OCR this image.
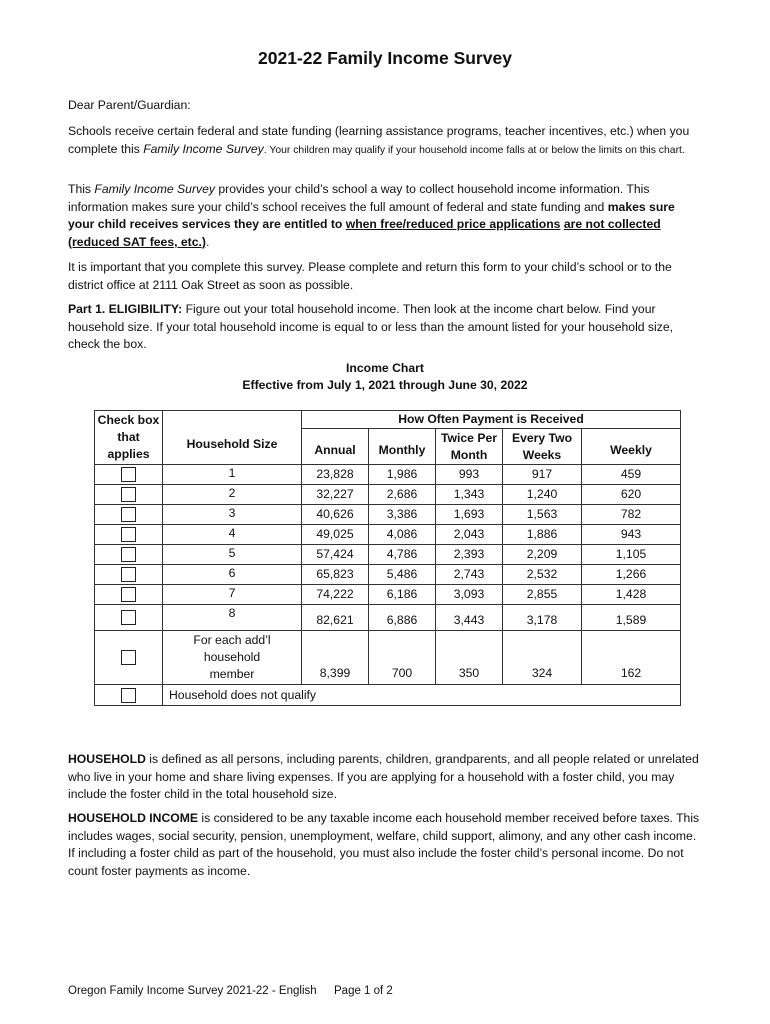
2021-22 Family Income Survey

Dear Parent/Guardian:

Schools receive certain federal and state funding (learning assistance programs, teacher incentives, etc.) when you complete this Family Income Survey. Your children may qualify if your household income falls at or below the limits on this chart.

This Family Income Survey provides your child’s school a way to collect household income information. This information makes sure your child’s school receives the full amount of federal and state funding and makes sure your child receives services they are entitled to when free/reduced price applications are not collected (reduced SAT fees, etc.).

It is important that you complete this survey. Please complete and return this form to your child’s school or to the district office at 2111 Oak Street as soon as possible.

Part 1. ELIGIBILITY: Figure out your total household income. Then look at the income chart below. Find your household size. If your total household income is equal to or less than the amount listed for your household size, check the box.

Income Chart
Effective from July 1, 2021 through June 30, 2022
Check box that applies	Household Size	How Often Payment is Received				
		Annual	Monthly	Twice Per Month	Every Two Weeks	Weekly
	1	23,828	1,986	993	917	459
	2	32,227	2,686	1,343	1,240	620
	3	40,626	3,386	1,693	1,563	782
	4	49,025	4,086	2,043	1,886	943
	5	57,424	4,786	2,393	2,209	1,105
	6	65,823	5,486	2,743	2,532	1,266
	7	74,222	6,186	3,093	2,855	1,428
	8	82,621	6,886	3,443	3,178	1,589
	For each add’l household member	8,399	700	350	324	162
	Household does not qualify					

HOUSEHOLD is defined as all persons, including parents, children, grandparents, and all people related or unrelated who live in your home and share living expenses. If you are applying for a household with a foster child, you may include the foster child in the total household size.

HOUSEHOLD INCOME is considered to be any taxable income each household member received before taxes. This includes wages, social security, pension, unemployment, welfare, child support, alimony, and any other cash income. If including a foster child as part of the household, you must also include the foster child’s personal income. Do not count foster payments as income.

Oregon Family Income Survey 2021-22 - English Page 1 of 2
